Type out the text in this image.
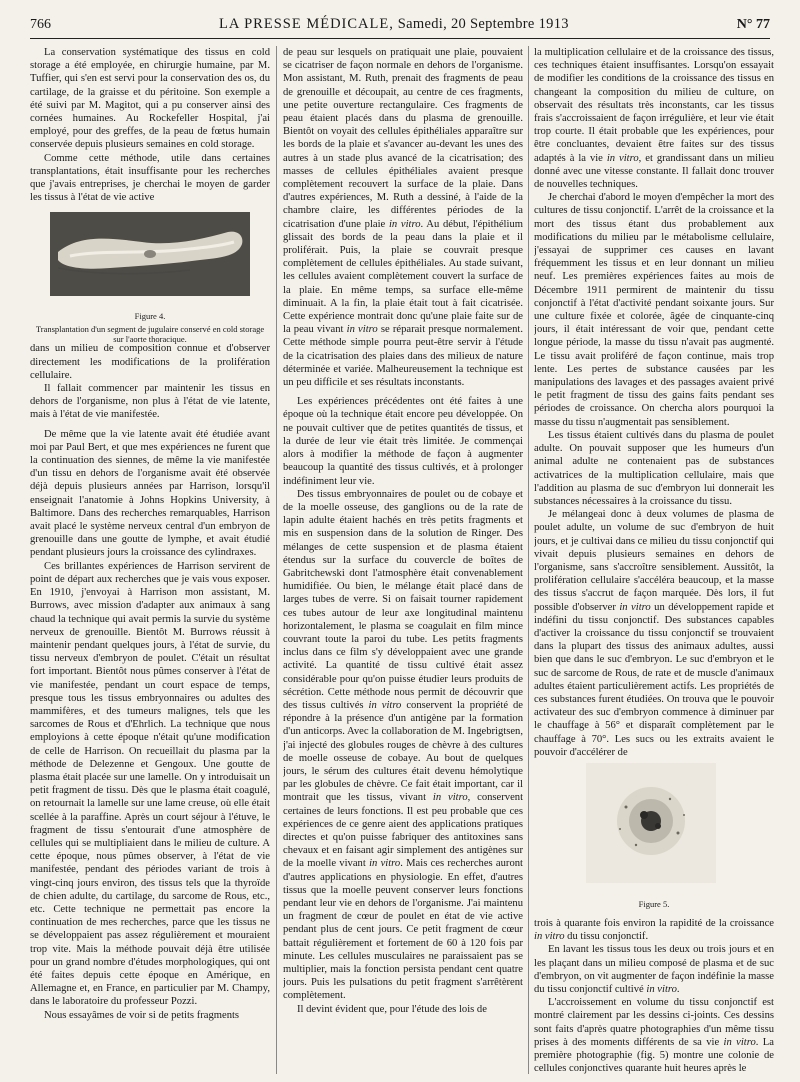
766	LA PRESSE MÉDICALE, Samedi, 20 Septembre 1913	N° 77

La conservation systématique des tissus en cold storage a été employée, en chirurgie humaine, par M. Tuffier, qui s'en est servi pour la conservation des os, du cartilage, de la graisse et du péritoine. Son exemple a été suivi par M. Magitot, qui a pu conserver ainsi des cornées humaines. Au Rockefeller Hospital, j'ai employé, pour des greffes, de la peau de fœtus humain conservée depuis plusieurs semaines en cold storage.

Comme cette méthode, utile dans certaines transplantations, était insuffisante pour les recherches que j'avais entreprises, je cherchai le moyen de garder les tissus à l'état de vie active

Figure 4.
Transplantation d'un segment de jugulaire conservé en cold storage sur l'aorte thoracique.

dans un milieu de composition connue et d'observer directement les modifications de la prolifération cellulaire.

Il fallait commencer par maintenir les tissus en dehors de l'organisme, non plus à l'état de vie latente, mais à l'état de vie manifestée.

De même que la vie latente avait été étudiée avant moi par Paul Bert, et que mes expériences ne furent que la continuation des siennes, de même la vie manifestée d'un tissu en dehors de l'organisme avait été observée déjà depuis plusieurs années par Harrison, lorsqu'il enseignait l'anatomie à Johns Hopkins University, à Baltimore. Dans des recherches remarquables, Harrison avait placé le système nerveux central d'un embryon de grenouille dans une goutte de lymphe, et avait étudié pendant plusieurs jours la croissance des cylindraxes.

Ces brillantes expériences de Harrison servirent de point de départ aux recherches que je vais vous exposer. En 1910, j'envoyai à Harrison mon assistant, M. Burrows, avec mission d'adapter aux animaux à sang chaud la technique qui avait permis la survie du système nerveux de grenouille. Bientôt M. Burrows réussit à maintenir pendant quelques jours, à l'état de survie, du tissu nerveux d'embryon de poulet. C'était un résultat fort important. Bientôt nous pûmes conserver à l'état de vie manifestée, pendant un court espace de temps, presque tous les tissus embryonnaires ou adultes des mammifères, et des tumeurs malignes, tels que les sarcomes de Rous et d'Ehrlich. La technique que nous employions à cette époque n'était qu'une modification de celle de Harrison. On recueillait du plasma par la méthode de Delezenne et Gengoux. Une goutte de plasma était placée sur une lamelle. On y introduisait un petit fragment de tissu. Dès que le plasma était coagulé, on retournait la lamelle sur une lame creuse, où elle était scellée à la paraffine. Après un court séjour à l'étuve, le fragment de tissu s'entourait d'une atmosphère de cellules qui se multipliaient dans le milieu de culture. A cette époque, nous pûmes observer, à l'état de vie manifestée, pendant des périodes variant de trois à vingt-cinq jours environ, des tissus tels que la thyroïde de chien adulte, du cartilage, du sarcome de Rous, etc., etc. Cette technique ne permettait pas encore la continuation de mes recherches, parce que les tissus ne se développaient pas assez régulièrement et mouraient trop vite. Mais la méthode pouvait déjà être utilisée pour un grand nombre d'études morphologiques, qui ont été faites depuis cette époque en Amérique, en Allemagne et, en France, en particulier par M. Champy, dans le laboratoire du professeur Pozzi.

Nous essayâmes de voir si de petits fragments

de peau sur lesquels on pratiquait une plaie, pouvaient se cicatriser de façon normale en dehors de l'organisme. Mon assistant, M. Ruth, prenait des fragments de peau de grenouille et découpait, au centre de ces fragments, une petite ouverture rectangulaire. Ces fragments de peau étaient placés dans du plasma de grenouille. Bientôt on voyait des cellules épithéliales apparaître sur les bords de la plaie et s'avancer au-devant les unes des autres à un stade plus avancé de la cicatrisation; des masses de cellules épithéliales avaient presque complètement recouvert la surface de la plaie. Dans d'autres expériences, M. Ruth a dessiné, à l'aide de la chambre claire, les différentes périodes de la cicatrisation d'une plaie in vitro. Au début, l'épithélium glissait des bords de la peau dans la plaie et il proliférait. Puis, la plaie se couvrait presque complètement de cellules épithéliales. Au stade suivant, les cellules avaient complètement couvert la surface de la plaie. En même temps, sa surface elle-même diminuait. A la fin, la plaie était tout à fait cicatrisée. Cette expérience montrait donc qu'une plaie faite sur de la peau vivant in vitro se réparait presque normalement. Cette méthode simple pourra peut-être servir à l'étude de la cicatrisation des plaies dans des milieux de nature déterminée et variée. Malheureusement la technique est un peu difficile et ses résultats inconstants.

Les expériences précédentes ont été faites à une époque où la technique était encore peu développée. On ne pouvait cultiver que de petites quantités de tissus, et la durée de leur vie était très limitée. Je commençai alors à modifier la méthode de façon à augmenter beaucoup la quantité des tissus cultivés, et à prolonger indéfiniment leur vie.

Des tissus embryonnaires de poulet ou de cobaye et de la moelle osseuse, des ganglions ou de la rate de lapin adulte étaient hachés en très petits fragments et mis en suspension dans de la solution de Ringer. Des mélanges de cette suspension et de plasma étaient étendus sur la surface du couvercle de boîtes de Gabritchewski dont l'atmosphère était convenablement humidifiée. Ou bien, le mélange était placé dans de larges tubes de verre. Si on faisait tourner rapidement ces tubes autour de leur axe longitudinal maintenu horizontalement, le plasma se coagulait en film mince couvrant toute la paroi du tube. Les petits fragments inclus dans ce film s'y développaient avec une grande activité. La quantité de tissu cultivé était assez considérable pour qu'on puisse étudier leurs produits de sécrétion. Cette méthode nous permit de découvrir que des tissus cultivés in vitro conservent la propriété de répondre à la présence d'un antigène par la formation d'un anticorps. Avec la collaboration de M. Ingebrigtsen, j'ai injecté des globules rouges de chèvre à des cultures de moelle osseuse de cobaye. Au bout de quelques jours, le sérum des cultures était devenu hémolytique par les globules de chèvre. Ce fait était important, car il montrait que les tissus, vivant in vitro, conservent certaines de leurs fonctions. Il est peu probable que ces expériences de ce genre aient des applications pratiques directes et qu'on puisse fabriquer des antitoxines sans chevaux et en faisant agir simplement des antigènes sur de la moelle vivant in vitro. Mais ces recherches auront d'autres applications en physiologie. En effet, d'autres tissus que la moelle peuvent conserver leurs fonctions pendant leur vie en dehors de l'organisme. J'ai maintenu un fragment de cœur de poulet en état de vie active pendant plus de cent jours. Ce petit fragment de cœur battait régulièrement et fortement de 60 à 120 fois par minute. Les cellules musculaires ne paraissaient pas se multiplier, mais la fonction persista pendant cent quatre jours. Puis les pulsations du petit fragment s'arrêtèrent complètement.

Il devint évident que, pour l'étude des lois de

la multiplication cellulaire et de la croissance des tissus, ces techniques étaient insuffisantes. Lorsqu'on essayait de modifier les conditions de la croissance des tissus en changeant la composition du milieu de culture, on observait des résultats très inconstants, car les tissus frais s'accroissaient de façon irrégulière, et leur vie était trop courte. Il était probable que les expériences, pour être concluantes, devaient être faites sur des tissus adaptés à la vie in vitro, et grandissant dans un milieu donné avec une vitesse constante. Il fallait donc trouver de nouvelles techniques.

Je cherchai d'abord le moyen d'empêcher la mort des cultures de tissu conjonctif. L'arrêt de la croissance et la mort des tissus étant dus probablement aux modifications du milieu par le métabolisme cellulaire, j'essayai de supprimer ces causes en lavant fréquemment les tissus et en leur donnant un milieu neuf. Les premières expériences faites au mois de Décembre 1911 permirent de maintenir du tissu conjonctif à l'état d'activité pendant soixante jours. Sur une culture fixée et colorée, âgée de cinquante-cinq jours, il était intéressant de voir que, pendant cette longue période, la masse du tissu n'avait pas augmenté. Le tissu avait proliféré de façon continue, mais trop lente. Les pertes de substance causées par les manipulations des lavages et des passages avaient privé le petit fragment de tissu des gains faits pendant ses périodes de croissance. On chercha alors pourquoi la masse du tissu n'augmentait pas sensiblement.

Les tissus étaient cultivés dans du plasma de poulet adulte. On pouvait supposer que les humeurs d'un animal adulte ne contenaient pas de substances activatrices de la multiplication cellulaire, mais que l'addition au plasma de suc d'embryon lui donnerait les substances nécessaires à la croissance du tissu.

Je mélangeai donc à deux volumes de plasma de poulet adulte, un volume de suc d'embryon de huit jours, et je cultivai dans ce milieu du tissu conjonctif qui vivait depuis plusieurs semaines en dehors de l'organisme, sans s'accroître sensiblement. Aussitôt, la prolifération cellulaire s'accéléra beaucoup, et la masse des tissus s'accrut de façon marquée. Dès lors, il fut possible d'observer in vitro un développement rapide et indéfini du tissu conjonctif. Des substances capables d'activer la croissance du tissu conjonctif se trouvaient dans la plupart des tissus des animaux adultes, aussi bien que dans le suc d'embryon. Le suc d'embryon et le suc de sarcome de Rous, de rate et de muscle d'animaux adultes étaient particulièrement actifs. Les propriétés de ces substances furent étudiées. On trouva que le pouvoir activateur des suc d'embryon commence à diminuer par le chauffage à 56° et disparaît complètement par le chauffage à 70°. Les sucs ou les extraits avaient le pouvoir d'accélérer de

Figure 5.

trois à quarante fois environ la rapidité de la croissance in vitro du tissu conjonctif.

En lavant les tissus tous les deux ou trois jours et en les plaçant dans un milieu composé de plasma et de suc d'embryon, on vit augmenter de façon indéfinie la masse du tissu conjonctif cultivé in vitro.

L'accroissement en volume du tissu conjonctif est montré clairement par les dessins ci-joints. Ces dessins sont faits d'après quatre photographies d'un même tissu prises à des moments différents de sa vie in vitro. La première photographie (fig. 5) montre une colonie de cellules conjonctives quarante huit heures après le
